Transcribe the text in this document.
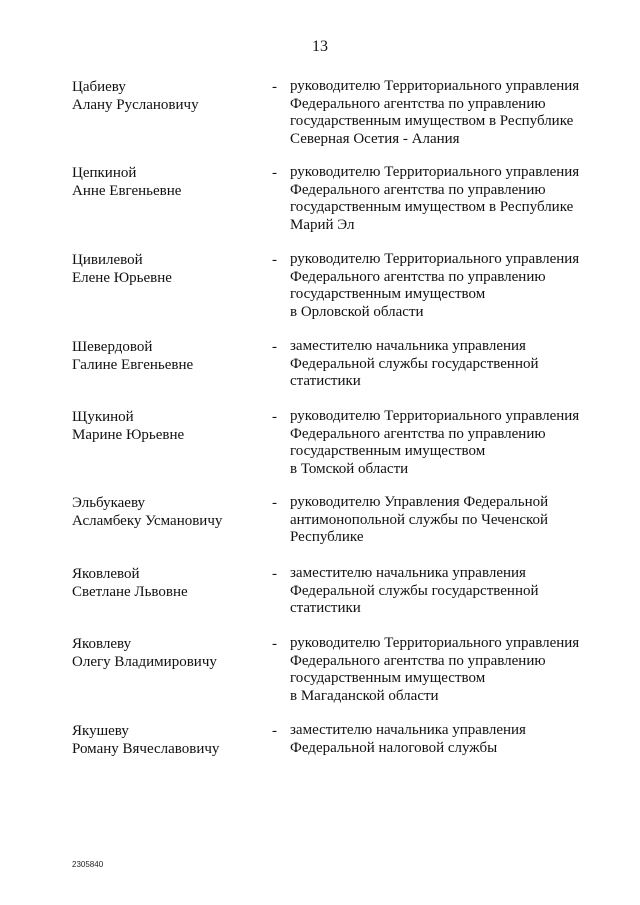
13
Цабиеву
Алану Руслановичу
- руководителю Территориального управления
Федерального агентства по управлению
государственным имуществом в Республике
Северная Осетия - Алания
Цепкиной
Анне Евгеньевне
- руководителю Территориального управления
Федерального агентства по управлению
государственным имуществом в Республике
Марий Эл
Цивилевой
Елене Юрьевне
- руководителю Территориального управления
Федерального агентства по управлению
государственным имуществом
в Орловской области
Шевердовой
Галине Евгеньевне
- заместителю начальника управления
Федеральной службы государственной
статистики
Щукиной
Марине Юрьевне
- руководителю Территориального управления
Федерального агентства по управлению
государственным имуществом
в Томской области
Эльбукаеву
Асламбеку Усмановичу
- руководителю Управления Федеральной
антимонопольной службы по Чеченской
Республике
Яковлевой
Светлане Львовне
- заместителю начальника управления
Федеральной службы государственной
статистики
Яковлеву
Олегу Владимировичу
- руководителю Территориального управления
Федерального агентства по управлению
государственным имуществом
в Магаданской области
Якушеву
Роману Вячеславовичу
- заместителю начальника управления
Федеральной налоговой службы
2305840
